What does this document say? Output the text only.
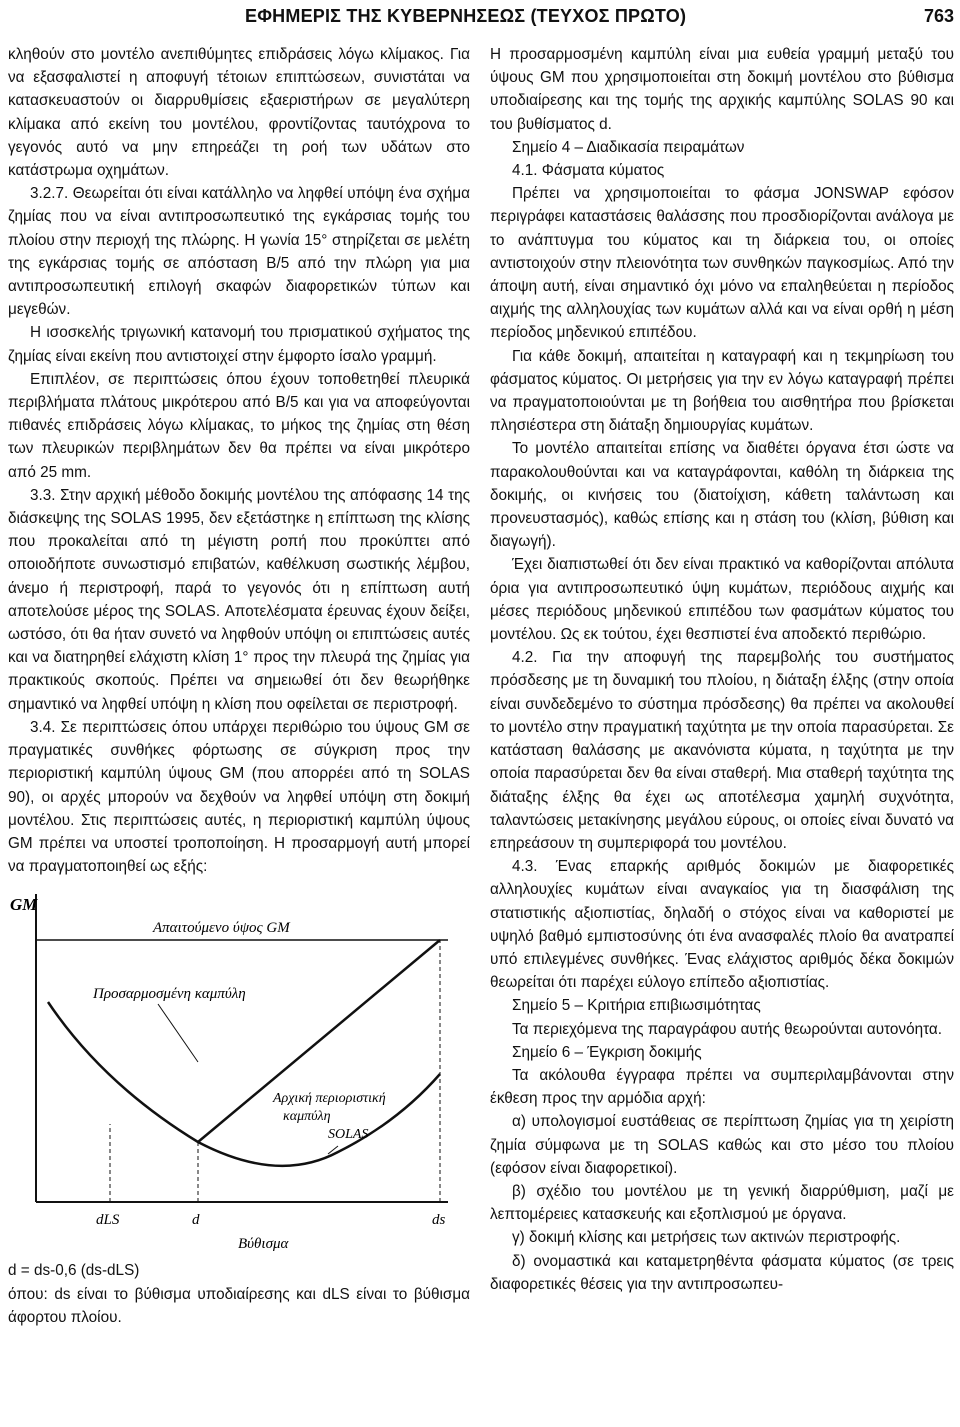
ΕΦΗΜΕΡΙΣ ΤΗΣ ΚΥΒΕΡΝΗΣΕΩΣ (ΤΕΥΧΟΣ ΠΡΩΤΟ)	763

κληθούν στο μοντέλο ανεπιθύμητες επιδράσεις λόγω κλίμακος. Για να εξασφαλιστεί η αποφυγή τέτοιων επιπτώσεων, συνιστάται να κατασκευαστούν οι διαρρυθμίσεις εξαεριστήρων σε μεγαλύτερη κλίμακα από εκείνη του μοντέλου, φροντίζοντας ταυτόχρονα το γεγονός αυτό να μην επηρεάζει τη ροή των υδάτων στο κατάστρωμα οχημάτων.

3.2.7. Θεωρείται ότι είναι κατάλληλο να ληφθεί υπόψη ένα σχήμα ζημίας που να είναι αντιπροσωπευτικό της εγκάρσιας τομής του πλοίου στην περιοχή της πλώρης. Η γωνία 15° στηρίζεται σε μελέτη της εγκάρσιας τομής σε απόσταση Β/5 από την πλώρη για μια αντιπροσωπευτική επιλογή σκαφών διαφορετικών τύπων και μεγεθών.

Η ισοσκελής τριγωνική κατανομή του πρισματικού σχήματος της ζημίας είναι εκείνη που αντιστοιχεί στην έμφορτο ίσαλο γραμμή.

Επιπλέον, σε περιπτώσεις όπου έχουν τοποθετηθεί πλευρικά περιβλήματα πλάτους μικρότερου από Β/5 και για να αποφεύγονται πιθανές επιδράσεις λόγω κλίμακας, το μήκος της ζημίας στη θέση των πλευρικών περιβλημάτων δεν θα πρέπει να είναι μικρότερο από 25 mm.

3.3. Στην αρχική μέθοδο δοκιμής μοντέλου της απόφασης 14 της διάσκεψης της SOLAS 1995, δεν εξετάστηκε η επίπτωση της κλίσης που προκαλείται από τη μέγιστη ροπή που προκύπτει από οποιοδήποτε συνωστισμό επιβατών, καθέλκυση σωστικής λέμβου, άνεμο ή περιστροφή, παρά το γεγονός ότι η επίπτωση αυτή αποτελούσε μέρος της SOLAS. Αποτελέσματα έρευνας έχουν δείξει, ωστόσο, ότι θα ήταν συνετό να ληφθούν υπόψη οι επιπτώσεις αυτές και να διατηρηθεί ελάχιστη κλίση 1° προς την πλευρά της ζημίας για πρακτικούς σκοπούς. Πρέπει να σημειωθεί ότι δεν θεωρήθηκε σημαντικό να ληφθεί υπόψη η κλίση που οφείλεται σε περιστροφή.

3.4. Σε περιπτώσεις όπου υπάρχει περιθώριο του ύψους GM σε πραγματικές συνθήκες φόρτωσης σε σύγκριση προς την περιοριστική καμπύλη ύψους GM (που απορρέει από τη SOLAS 90), οι αρχές μπορούν να δεχθούν να ληφθεί υπόψη στη δοκιμή μοντέλου. Στις περιπτώσεις αυτές, η περιοριστική καμπύλη ύψους GM πρέπει να υποστεί τροποποίηση. Η προσαρμογή αυτή μπορεί να πραγματοποιηθεί ως εξής:

GM
Απαιτούμενο ύψος GM
Προσαρμοσμένη καμπύλη
Αρχική περιοριστική
καμπύλη
SOLAS
dLS	d	ds
Βύθισμα

d = ds-0,6 (ds-dLS)

όπου: ds είναι το βύθισμα υποδιαίρεσης και dLS είναι το βύθισμα άφορτου πλοίου.

Η προσαρμοσμένη καμπύλη είναι μια ευθεία γραμμή μεταξύ του ύψους GM που χρησιμοποιείται στη δοκιμή μοντέλου στο βύθισμα υποδιαίρεσης και της τομής της αρχικής καμπύλης SOLAS 90 και του βυθίσματος d.

Σημείο 4 – Διαδικασία πειραμάτων

4.1. Φάσματα κύματος

Πρέπει να χρησιμοποιείται το φάσμα JONSWAP εφόσον περιγράφει καταστάσεις θαλάσσης που προσδιορίζονται ανάλογα με το ανάπτυγμα του κύματος και τη διάρκεια του, οι οποίες αντιστοιχούν στην πλειονότητα των συνθηκών παγκοσμίως. Από την άποψη αυτή, είναι σημαντικό όχι μόνο να επαληθεύεται η περίοδος αιχμής της αλληλουχίας των κυμάτων αλλά και να είναι ορθή η μέση περίοδος μηδενικού επιπέδου.

Για κάθε δοκιμή, απαιτείται η καταγραφή και η τεκμηρίωση του φάσματος κύματος. Οι μετρήσεις για την εν λόγω καταγραφή πρέπει να πραγματοποιούνται με τη βοήθεια του αισθητήρα που βρίσκεται πλησιέστερα στη διάταξη δημιουργίας κυμάτων.

Το μοντέλο απαιτείται επίσης να διαθέτει όργανα έτσι ώστε να παρακολουθούνται και να καταγράφονται, καθόλη τη διάρκεια της δοκιμής, οι κινήσεις του (διατοίχιση, κάθετη ταλάντωση και προνευστασμός), καθώς επίσης και η στάση του (κλίση, βύθιση και διαγωγή).

Έχει διαπιστωθεί ότι δεν είναι πρακτικό να καθορίζονται απόλυτα όρια για αντιπροσωπευτικό ύψη κυμάτων, περιόδους αιχμής και μέσες περιόδους μηδενικού επιπέδου των φασμάτων κύματος του μοντέλου. Ως εκ τούτου, έχει θεσπιστεί ένα αποδεκτό περιθώριο.

4.2. Για την αποφυγή της παρεμβολής του συστήματος πρόσδεσης με τη δυναμική του πλοίου, η διάταξη έλξης (στην οποία είναι συνδεδεμένο το σύστημα πρόσδεσης) θα πρέπει να ακολουθεί το μοντέλο στην πραγματική ταχύτητα με την οποία παρασύρεται. Σε κατάσταση θαλάσσης με ακανόνιστα κύματα, η ταχύτητα με την οποία παρασύρεται δεν θα είναι σταθερή. Μια σταθερή ταχύτητα της διάταξης έλξης θα έχει ως αποτέλεσμα χαμηλή συχνότητα, ταλαντώσεις μετακίνησης μεγάλου εύρους, οι οποίες είναι δυνατό να επηρεάσουν τη συμπεριφορά του μοντέλου.

4.3. Ένας επαρκής αριθμός δοκιμών με διαφορετικές αλληλουχίες κυμάτων είναι αναγκαίος για τη διασφάλιση της στατιστικής αξιοπιστίας, δηλαδή ο στόχος είναι να καθοριστεί με υψηλό βαθμό εμπιστοσύνης ότι ένα ανασφαλές πλοίο θα ανατραπεί υπό επιλεγμένες συνθήκες. Ένας ελάχιστος αριθμός δέκα δοκιμών θεωρείται ότι παρέχει εύλογο επίπεδο αξιοπιστίας.

Σημείο 5 – Κριτήρια επιβιωσιμότητας

Τα περιεχόμενα της παραγράφου αυτής θεωρούνται αυτονόητα.

Σημείο 6 – Έγκριση δοκιμής

Τα ακόλουθα έγγραφα πρέπει να συμπεριλαμβάνονται στην έκθεση προς την αρμόδια αρχή:

α) υπολογισμοί ευστάθειας σε περίπτωση ζημίας για τη χειρίστη ζημία σύμφωνα με τη SOLAS καθώς και στο μέσο του πλοίου (εφόσον είναι διαφορετικοί).

β) σχέδιο του μοντέλου με τη γενική διαρρύθμιση, μαζί με λεπτομέρειες κατασκευής και εξοπλισμού με όργανα.

γ) δοκιμή κλίσης και μετρήσεις των ακτινών περιστροφής.

δ) ονομαστικά και καταμετρηθέντα φάσματα κύματος (σε τρεις διαφορετικές θέσεις για την αντιπροσωπευ-
